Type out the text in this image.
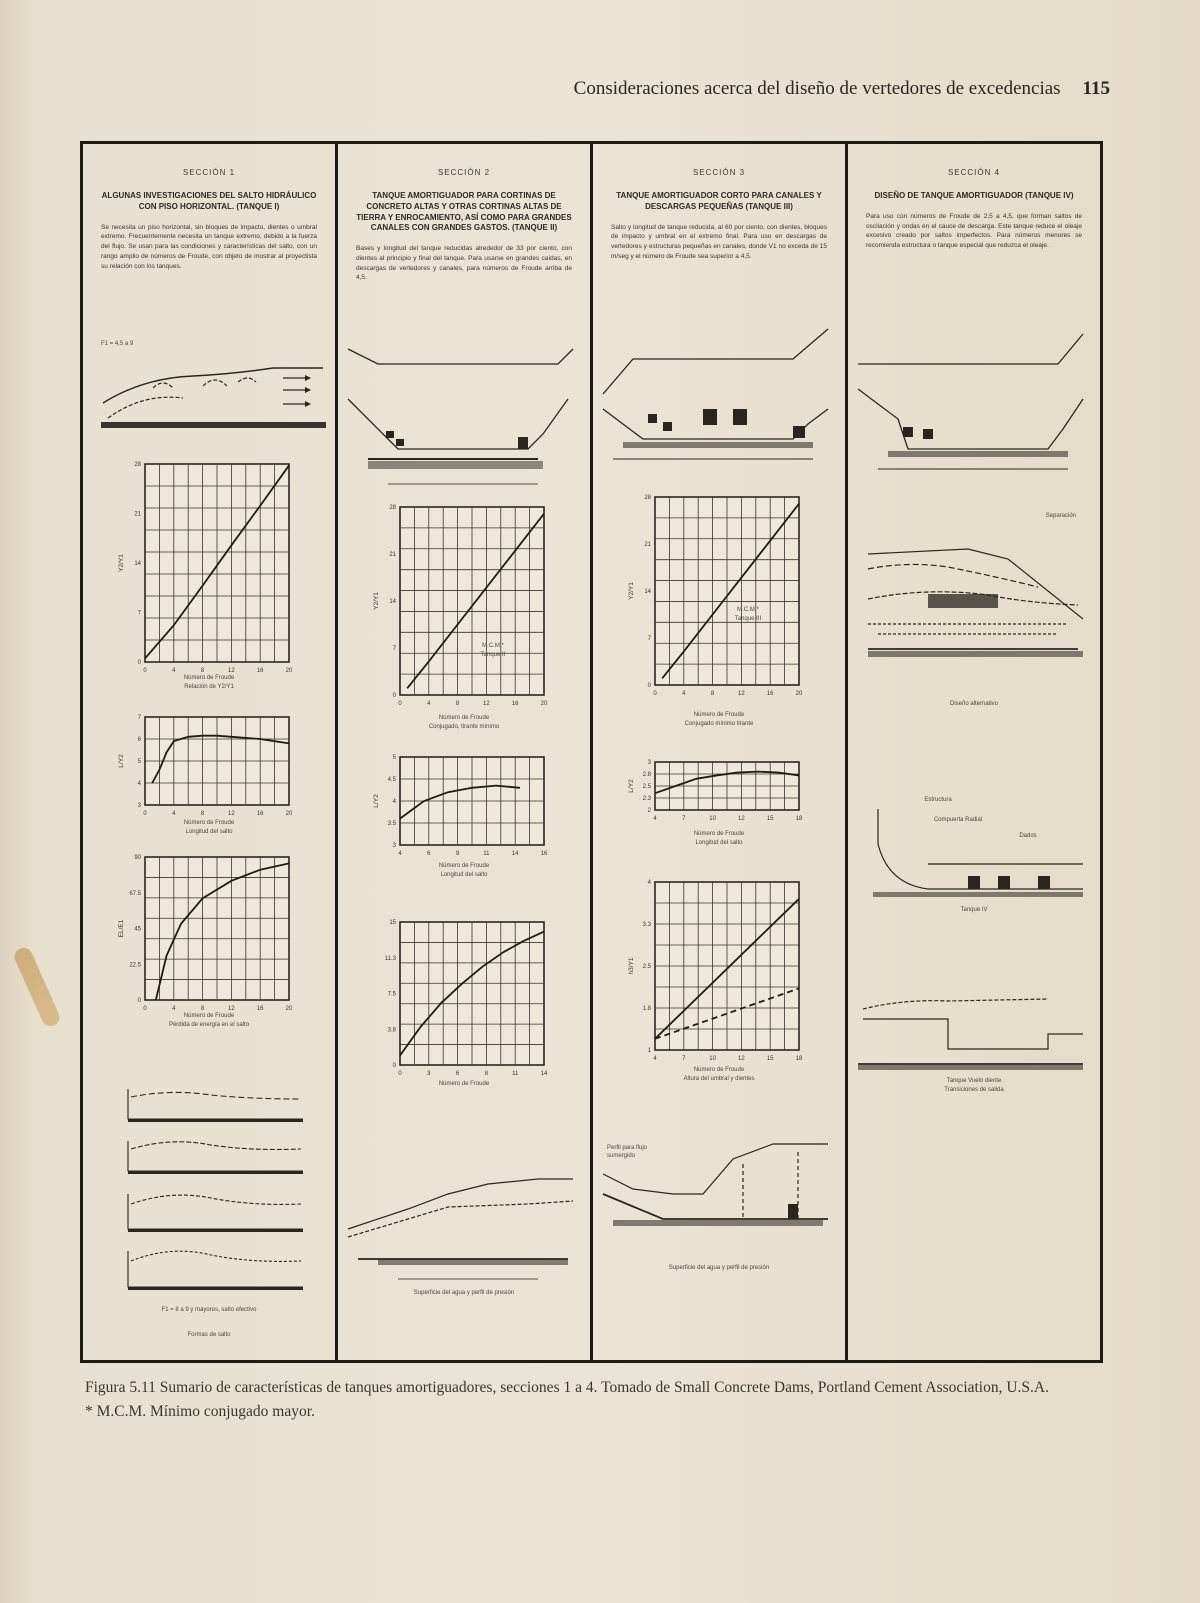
Consideraciones acerca del diseño de vertedores de excedencias 115
SECCIÓN 1
ALGUNAS INVESTIGACIONES DEL SALTO HIDRÁULICO CON PISO HORIZONTAL. (TANQUE I)
Se necesita un piso horizontal, sin bloques de impacto, dientes o umbral extremo. Frecuentemente necesita un tanque extremo, debido a la fuerza del flujo. Se usan para las condiciones y características del salto, con un rango amplio de números de Froude, con objeto de mostrar al proyectista su relación con los tanques.
F1 = 4,5 a 9
0	4	8	12	16	20
0
7
14
21
28
Y2/Y1
Número de Froude
Relación de Y2/Y1
0	4	8	12	16	20
3
4
5
6
7
L/Y2
Número de Froude
Longitud del salto
0	4	8	12	16	20
0
22.5
45
67.5
90
EL/E1
Número de Froude
Pérdida de energía en el salto
F1 = 8 a 9 y mayores, salto efectivo
Formas de salto
SECCIÓN 2
TANQUE AMORTIGUADOR PARA CORTINAS DE CONCRETO ALTAS Y OTRAS CORTINAS ALTAS DE TIERRA Y ENROCAMIENTO, ASÍ COMO PARA GRANDES CANALES CON GRANDES GASTOS. (TANQUE II)
Bases y longitud del tanque reducidas alrededor de 33 por ciento, con dientes al principio y final del tanque. Para usarse en grandes caídas, en descargas de vertedores y canales, para números de Froude arriba de 4,5.
0	4	8	12	16	20
0
7
14
21
28
Y2/Y1
Número de Froude
Conjugado, tirante mínimo
M.C.M.*
Tanque II
4	6	9	11	14	16
3
3.5
4
4.5
5
L/Y2
Número de Froude
Longitud del salto
0	3	6	8	11	14
0
3.8
7.5
11.3
15
Número de Froude
Superficie del agua y perfil de presión
SECCIÓN 3
TANQUE AMORTIGUADOR CORTO PARA CANALES Y DESCARGAS PEQUEÑAS (TANQUE III)
Salto y longitud de tanque reducida, al 60 por ciento, con dientes, bloques de impacto y umbral en el extremo final. Para uso en descargas de vertedores y estructuras pequeñas en canales, donde V1 no exceda de 15 m/seg y el número de Froude sea superior a 4,5.
0	4	8	12	16	20
0
7
14
21
28
Y2/Y1
Número de Froude
Conjugado mínimo tirante
M.C.M.*
Tanque III
4	7	10	12	15	18
2
2.3
2.5
2.8
3
L/Y2
Número de Froude
Longitud del salto
4	7	10	12	15	18
1
1.8
2.5
3.3
4
h3/Y1
Número de Froude
Altura del umbral y dientes
Perfil para flujo sumergido
Superficie del agua y perfil de presión
SECCIÓN 4
DISEÑO DE TANQUE AMORTIGUADOR (TANQUE IV)
Para uso con números de Froude de 2,5 a 4,5, que forman saltos de oscilación y ondas en el cauce de descarga. Este tanque reduce el oleaje excesivo creado por saltos imperfectos. Para números menores se recomienda estructura o tanque especial que reduzca el oleaje.
Separación
Diseño alternativo
Estructura
Compuerta Radial
Dados
Tanque IV
Tanque Vuelo diente
Transiciones de salida
Figura 5.11 Sumario de características de tanques amortiguadores, secciones 1 a 4. Tomado de Small Concrete Dams, Portland Cement Association, U.S.A.
* M.C.M. Mínimo conjugado mayor.
